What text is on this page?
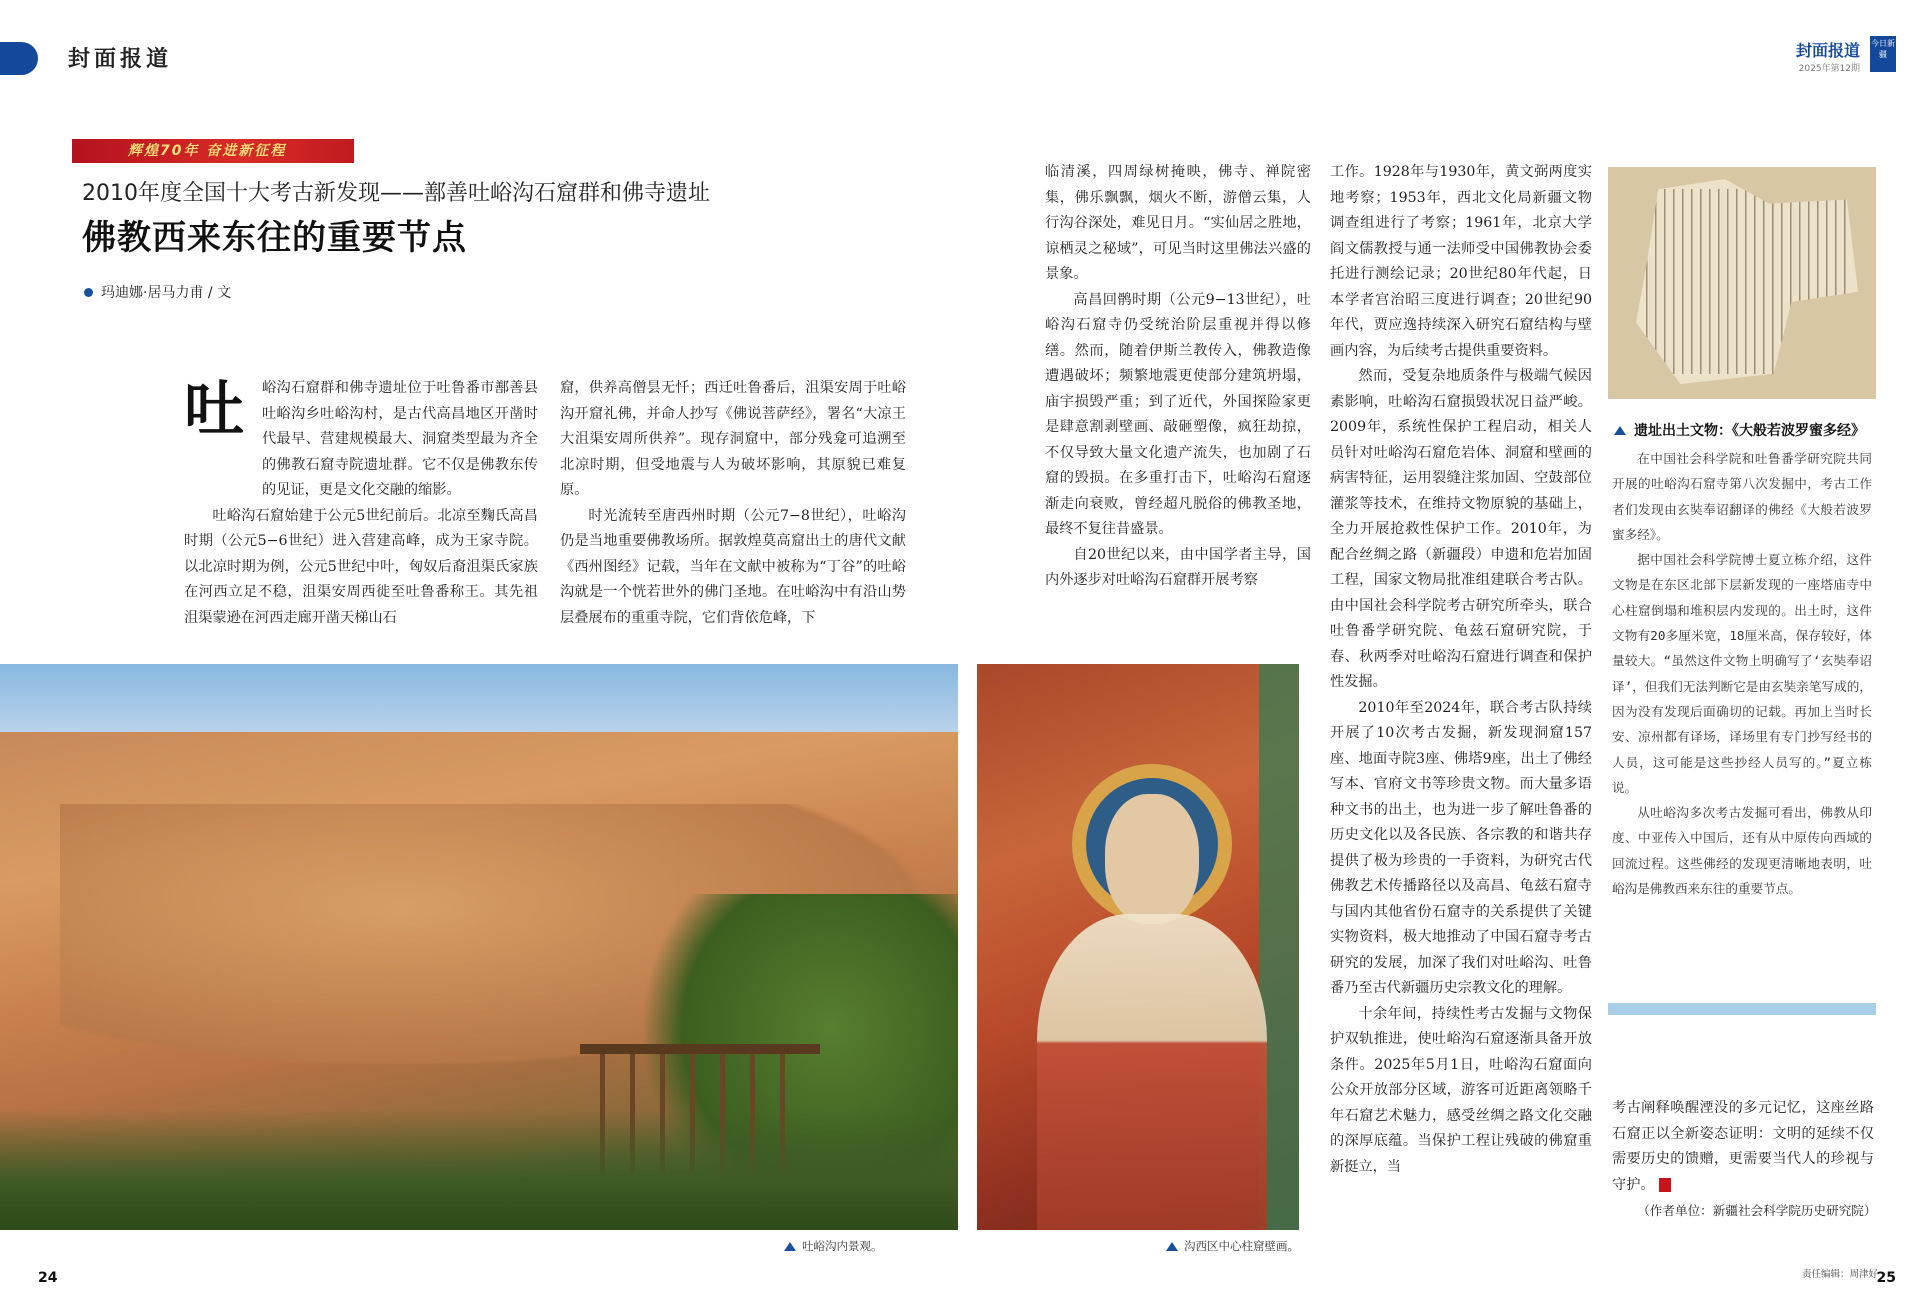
封面报道	封面报道
2025年第12期
今日新疆
辉煌70年 奋进新征程
2010年度全国十大考古新发现——鄯善吐峪沟石窟群和佛寺遗址
佛教西来东往的重要节点
玛迪娜·居马力甫 / 文
吐	峪沟石窟群和佛寺遗址位于吐鲁番市鄯善县吐峪沟乡吐峪沟村，是古代高昌地区开凿时代最早、营建规模最大、洞窟类型最为齐全的佛教石窟寺院遗址群。它不仅是佛教东传的见证，更是文化交融的缩影。

吐峪沟石窟始建于公元5世纪前后。北凉至麴氏高昌时期（公元5−6世纪）进入营建高峰，成为王家寺院。以北凉时期为例，公元5世纪中叶，匈奴后裔沮渠氏家族在河西立足不稳，沮渠安周西徙至吐鲁番称王。其先祖沮渠蒙逊在河西走廊开凿天梯山石

窟，供养高僧昙无忏；西迁吐鲁番后，沮渠安周于吐峪沟开窟礼佛，并命人抄写《佛说菩萨经》，署名“大凉王大沮渠安周所供养”。现存洞窟中，部分残龛可追溯至北凉时期，但受地震与人为破坏影响，其原貌已难复原。

时光流转至唐西州时期（公元7−8世纪），吐峪沟仍是当地重要佛教场所。据敦煌莫高窟出土的唐代文献《西州图经》记载，当年在文献中被称为“丁谷”的吐峪沟就是一个恍若世外的佛门圣地。在吐峪沟中有沿山势层叠展布的重重寺院，它们背依危峰，下

临清溪，四周绿树掩映，佛寺、禅院密集，佛乐飘飘，烟火不断，游僧云集，人行沟谷深处，难见日月。“实仙居之胜地，谅栖灵之秘域”，可见当时这里佛法兴盛的景象。

高昌回鹘时期（公元9−13世纪），吐峪沟石窟寺仍受统治阶层重视并得以修缮。然而，随着伊斯兰教传入，佛教造像遭遇破坏；频繁地震更使部分建筑坍塌，庙宇损毁严重；到了近代，外国探险家更是肆意割剥壁画、敲砸塑像，疯狂劫掠，不仅导致大量文化遗产流失，也加剧了石窟的毁损。在多重打击下，吐峪沟石窟逐渐走向衰败，曾经超凡脱俗的佛教圣地，最终不复往昔盛景。

自20世纪以来，由中国学者主导，国内外逐步对吐峪沟石窟群开展考察

工作。1928年与1930年，黄文弼两度实地考察；1953年，西北文化局新疆文物调查组进行了考察；1961年，北京大学阎文儒教授与通一法师受中国佛教协会委托进行测绘记录；20世纪80年代起，日本学者宫治昭三度进行调查；20世纪90年代，贾应逸持续深入研究石窟结构与壁画内容，为后续考古提供重要资料。

然而，受复杂地质条件与极端气候因素影响，吐峪沟石窟损毁状况日益严峻。2009年，系统性保护工程启动，相关人员针对吐峪沟石窟危岩体、洞窟和壁画的病害特征，运用裂缝注浆加固、空鼓部位灌浆等技术，在维持文物原貌的基础上，全力开展抢救性保护工作。2010年，为配合丝绸之路（新疆段）申遗和危岩加固工程，国家文物局批准组建联合考古队。由中国社会科学院考古研究所牵头，联合吐鲁番学研究院、龟兹石窟研究院，于春、秋两季对吐峪沟石窟进行调查和保护性发掘。

2010年至2024年，联合考古队持续开展了10次考古发掘，新发现洞窟157座、地面寺院3座、佛塔9座，出土了佛经写本、官府文书等珍贵文物。而大量多语种文书的出土，也为进一步了解吐鲁番的历史文化以及各民族、各宗教的和谐共存提供了极为珍贵的一手资料，为研究古代佛教艺术传播路径以及高昌、龟兹石窟寺与国内其他省份石窟寺的关系提供了关键实物资料，极大地推动了中国石窟寺考古研究的发展，加深了我们对吐峪沟、吐鲁番乃至古代新疆历史宗教文化的理解。

十余年间，持续性考古发掘与文物保护双轨推进，使吐峪沟石窟逐渐具备开放条件。2025年5月1日，吐峪沟石窟面向公众开放部分区域，游客可近距离领略千年石窟艺术魅力，感受丝绸之路文化交融的深厚底蕴。当保护工程让残破的佛窟重新挺立，当

考古阐释唤醒湮没的多元记忆，这座丝路石窟正以全新姿态证明：文明的延续不仅需要历史的馈赠，更需要当代人的珍视与守护。

（作者单位：新疆社会科学院历史研究院）

吐峪沟内景观。	沟西区中心柱窟壁画。
遗址出土文物：《大般若波罗蜜多经》

在中国社会科学院和吐鲁番学研究院共同开展的吐峪沟石窟寺第八次发掘中，考古工作者们发现由玄奘奉诏翻译的佛经《大般若波罗蜜多经》。

据中国社会科学院博士夏立栋介绍，这件文物是在东区北部下层新发现的一座塔庙寺中心柱窟倒塌和堆积层内发现的。出土时，这件文物有20多厘米宽，18厘米高，保存较好，体量较大。“虽然这件文物上明确写了‘玄奘奉诏译’，但我们无法判断它是由玄奘亲笔写成的，因为没有发现后面确切的记载。再加上当时长安、凉州都有译场，译场里有专门抄写经书的人员，这可能是这些抄经人员写的。”夏立栋说。

从吐峪沟多次考古发掘可看出，佛教从印度、中亚传入中国后，还有从中原传向西域的回流过程。这些佛经的发现更清晰地表明，吐峪沟是佛教西来东往的重要节点。

24	25
责任编辑：周津好
